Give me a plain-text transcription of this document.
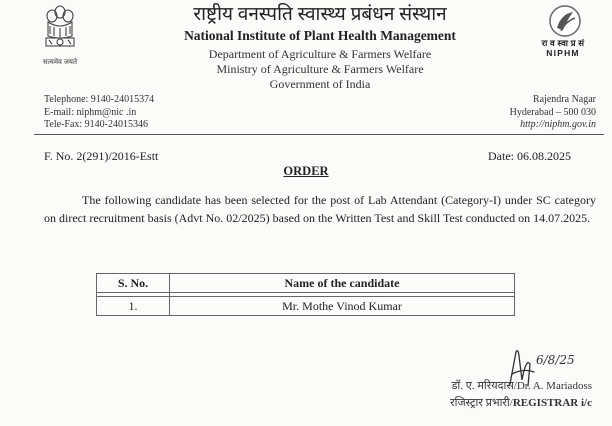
सत्यमेव जयते
राष्ट्रीय वनस्पति स्वास्थ्य प्रबंधन संस्थान
National Institute of Plant Health Management
Department of Agriculture & Farmers Welfare
Ministry of Agriculture & Farmers Welfare
Government of India
रा व स्वा प्र सं
NIPHM
Telephone: 9140-24015374
E-mail: niphm@nic .in
Tele-Fax: 9140-24015346
Rajendra Nagar
Hyderabad – 500 030
http://niphm.gov.in
F. No. 2(291)/2016-Estt	Date: 06.08.2025
ORDER

The following candidate has been selected for the post of Lab Attendant (Category-I) under SC category on direct recruitment basis (Advt No. 02/2025) based on the Written Test and Skill Test conducted on 14.07.2025.

S. No.	Name of the candidate

1.	Mr. Mothe Vinod Kumar
6/8/25
डॉ. ए. मरियदास/Dr. A. Mariadoss
रजिस्ट्रार प्रभारी/REGISTRAR i/c
